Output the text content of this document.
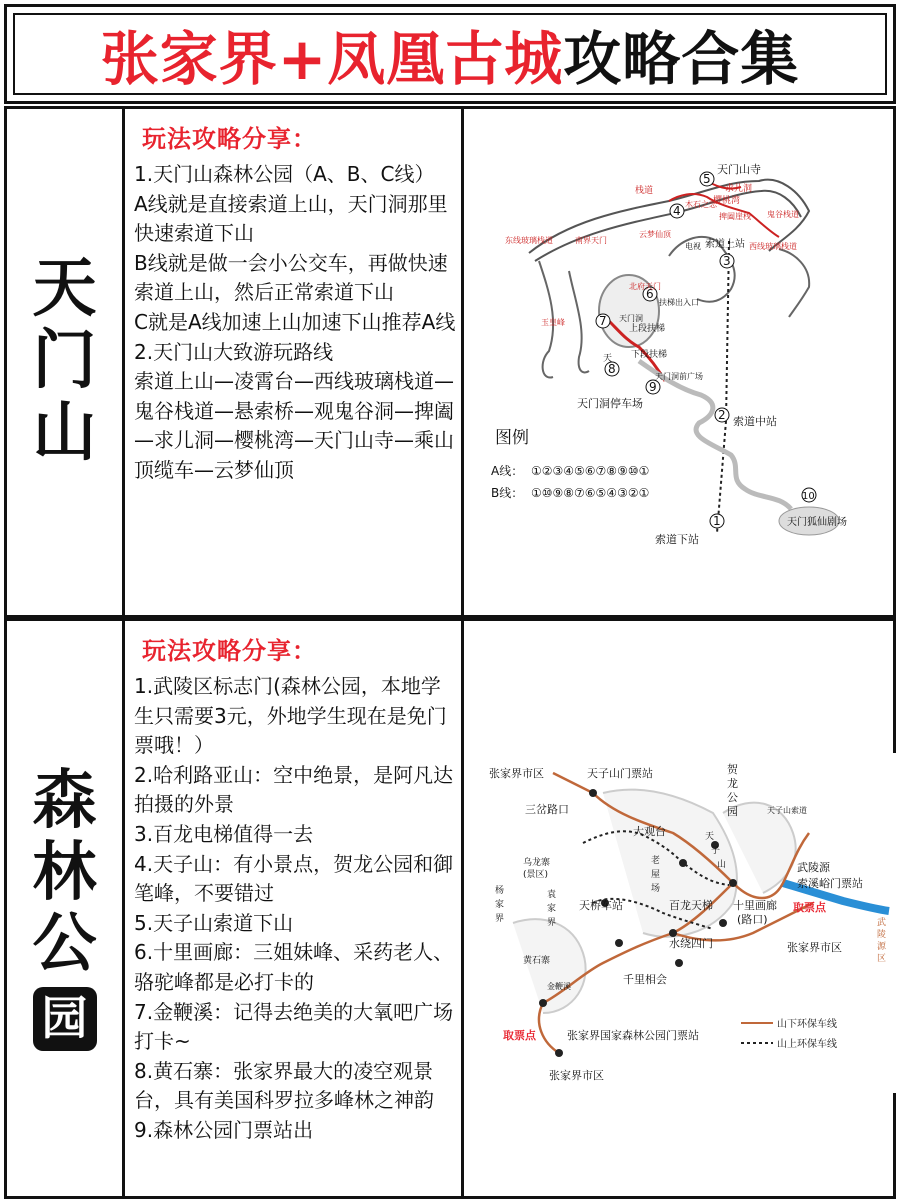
张家界+凤凰古城攻略合集
天
门
山
玩法攻略分享：

1.天门山森林公园（A、B、C线）

A线就是直接索道上山，天门洞那里快速索道下山

B线就是做一会小公交车，再做快速索道上山，然后正常索道下山

C就是A线加速上山加速下山推荐A线

2.天门山大致游玩路线

索道上山—凌霄台—西线玻璃栈道—鬼谷栈道—悬索桥—观鬼谷洞—捭阖—求儿洞—樱桃湾—天门山寺—乘山顶缆车—云梦仙顶

5
4
3
6
7
8
9
2
10
1
天门山寺
栈道	求儿洞
樱桃湾
木石之恋
捭阖崖栈 鬼谷栈道
东线玻璃栈道	南界天门
云梦仙顶
电视 索道上站 西线玻璃栈道
北府天门
扶梯出入口
玉皇峰	天门洞
上段扶梯
下段扶梯
天门洞前广场
天
天门洞停车场
索道中站
图例
A线： ①②③④⑤⑥⑦⑧⑨⑩①
B线： ①⑩⑨⑧⑦⑥⑤④③②①
天门狐仙剧场
索道下站
森
林
公
园
玩法攻略分享：

1.武陵区标志门(森林公园，本地学生只需要3元，外地学生现在是免门票哦！）

2.哈利路亚山：空中绝景，是阿凡达拍摄的外景

3.百龙电梯值得一去

4.天子山：有小景点，贺龙公园和御笔峰，不要错过

5.天子山索道下山

6.十里画廊：三姐妹峰、采药老人、骆驼峰都是必打卡的

7.金鞭溪：记得去绝美的大氧吧广场打卡~

8.黄石寨：张家界最大的凌空观景台，具有美国科罗拉多峰林之神韵

9.森林公园门票站出

张家界市区	天子山门票站	贺
龙
公
园
三岔路口
大观台
天子山索道
天
子
山
老
屋
场
乌龙寨
(景区)
武陵源
索溪峪门票站
杨
家
界
袁
家
界
天桥车站	百龙天梯 十里画廊
(路口)
取票点
水绕四门	张家界市区
武
陵
源
区
黄石寨
金鞭溪
千里相会
取票点	张家界国家森林公园门票站
山下环保车线
山上环保车线
张家界市区
